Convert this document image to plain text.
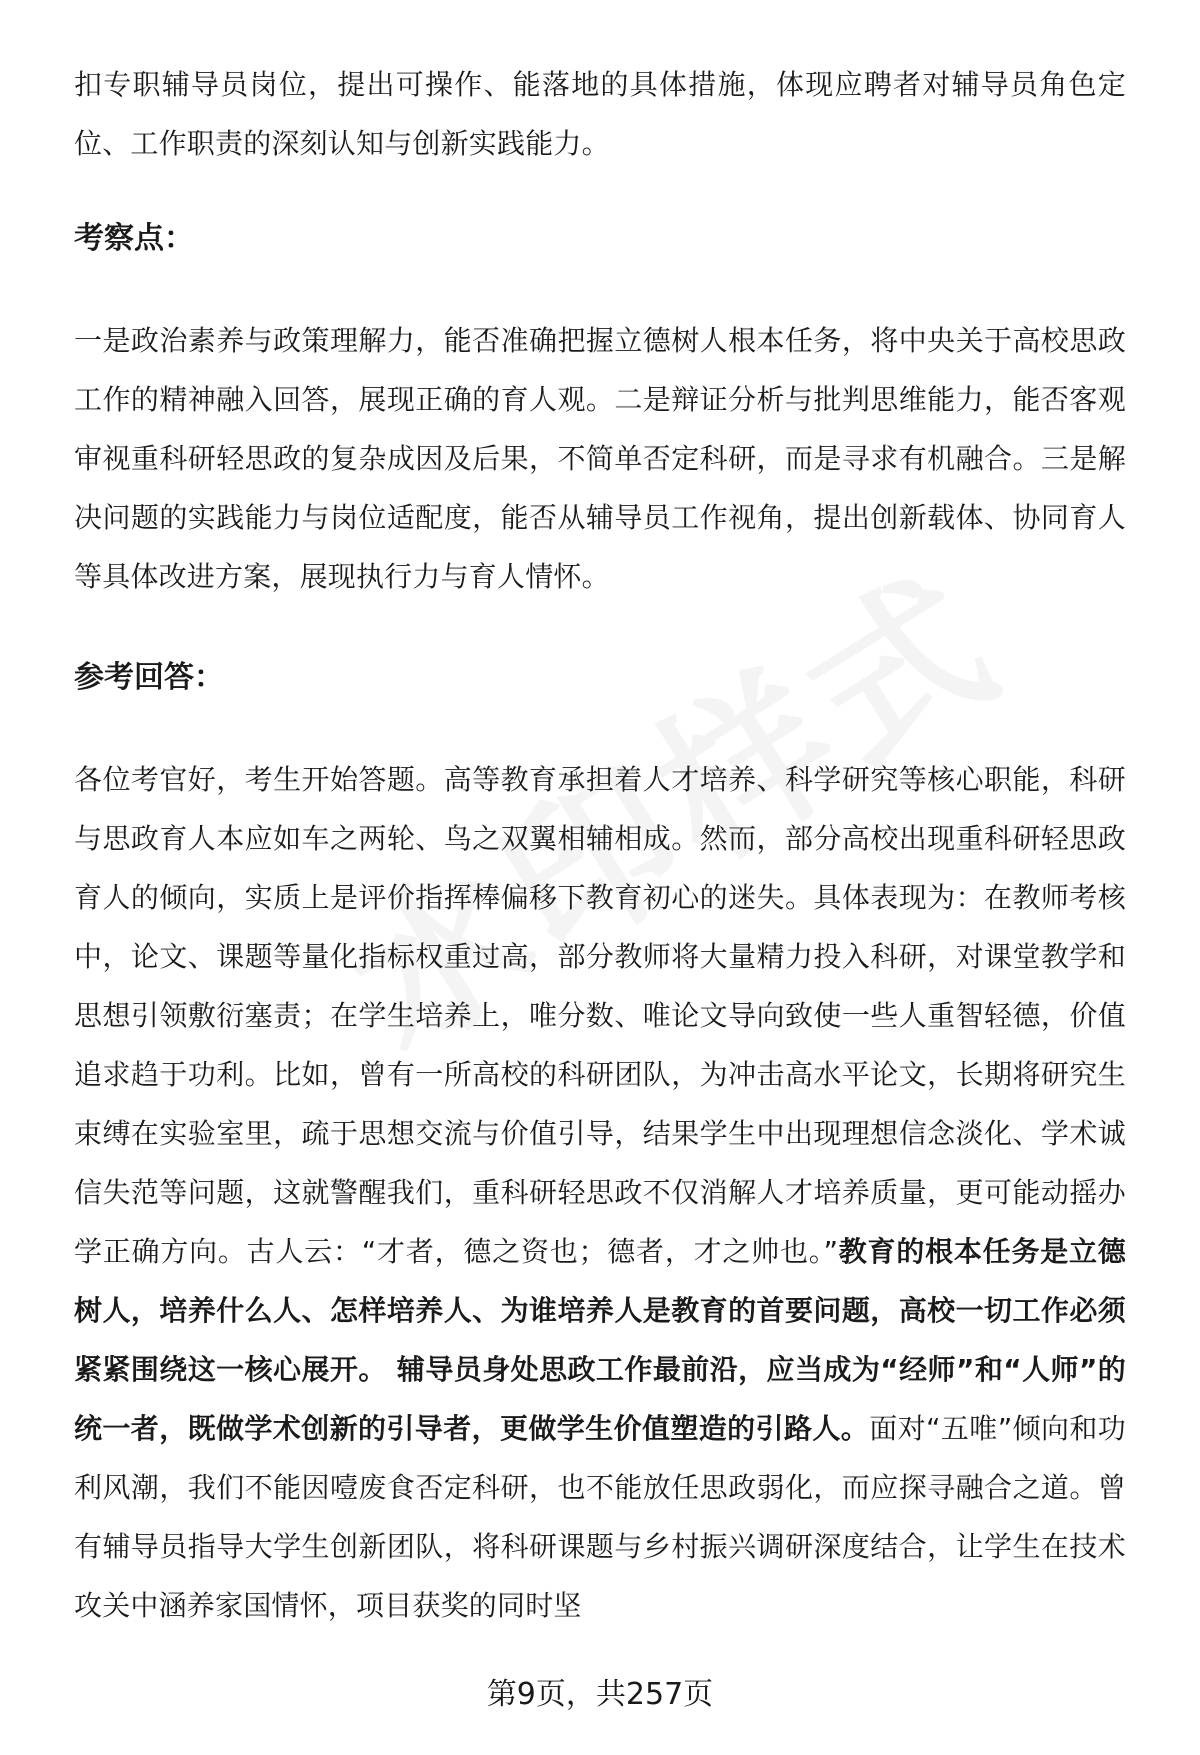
扣专职辅导员岗位，提出可操作、能落地的具体措施，体现应聘者对辅导员角色定位、工作职责的深刻认知与创新实践能力。

考察点：

一是政治素养与政策理解力，能否准确把握立德树人根本任务，将中央关于高校思政工作的精神融入回答，展现正确的育人观。二是辩证分析与批判思维能力，能否客观审视重科研轻思政的复杂成因及后果，不简单否定科研，而是寻求有机融合。三是解决问题的实践能力与岗位适配度，能否从辅导员工作视角，提出创新载体、协同育人等具体改进方案，展现执行力与育人情怀。

参考回答：

各位考官好，考生开始答题。高等教育承担着人才培养、科学研究等核心职能，科研与思政育人本应如车之两轮、鸟之双翼相辅相成。然而，部分高校出现重科研轻思政育人的倾向，实质上是评价指挥棒偏移下教育初心的迷失。具体表现为：在教师考核中，论文、课题等量化指标权重过高，部分教师将大量精力投入科研，对课堂教学和思想引领敷衍塞责；在学生培养上，唯分数、唯论文导向致使一些人重智轻德，价值追求趋于功利。比如，曾有一所高校的科研团队，为冲击高水平论文，长期将研究生束缚在实验室里，疏于思想交流与价值引导，结果学生中出现理想信念淡化、学术诚信失范等问题，这就警醒我们，重科研轻思政不仅消解人才培养质量，更可能动摇办学正确方向。古人云：“才者，德之资也；德者，才之帅也。”教育的根本任务是立德树人，培养什么人、怎样培养人、为谁培养人是教育的首要问题，高校一切工作必须紧紧围绕这一核心展开。 辅导员身处思政工作最前沿，应当成为“经师”和“人师”的统一者，既做学术创新的引导者，更做学生价值塑造的引路人。面对“五唯”倾向和功利风潮，我们不能因噎废食否定科研，也不能放任思政弱化，而应探寻融合之道。曾有辅导员指导大学生创新团队，将科研课题与乡村振兴调研深度结合，让学生在技术攻关中涵养家国情怀，项目获奖的同时坚

第9页，共257页
